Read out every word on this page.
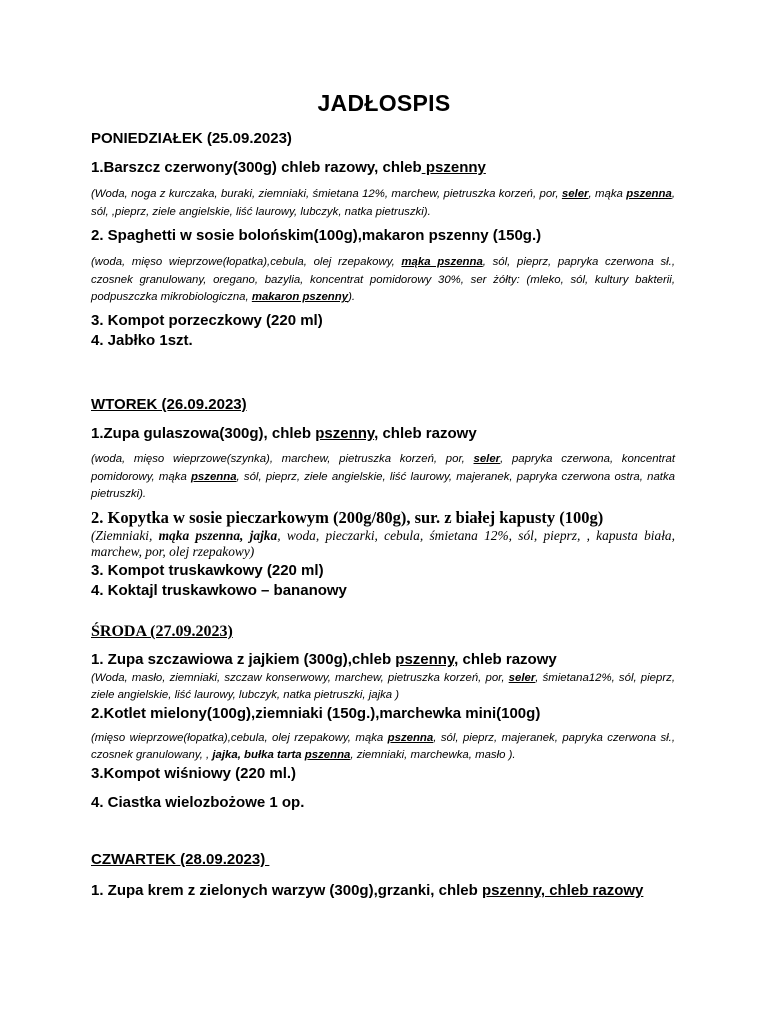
JADŁOSPIS
PONIEDZIAŁEK (25.09.2023)
1.Barszcz czerwony(300g) chleb razowy, chleb pszenny
(Woda, noga z kurczaka, buraki, ziemniaki, śmietana 12%, marchew, pietruszka korzeń, por, seler, mąka pszenna, sól, ,pieprz, ziele angielskie, liść laurowy, lubczyk, natka pietruszki).
2. Spaghetti w sosie bolońskim(100g),makaron pszenny (150g.)
(woda, mięso wieprzowe(łopatka),cebula, olej rzepakowy, mąka pszenna, sól, pieprz, papryka czerwona sł., czosnek granulowany, oregano, bazylia, koncentrat pomidorowy 30%, ser żółty: (mleko, sól, kultury bakterii, podpuszczka mikrobiologiczna, makaron pszenny).
3. Kompot porzeczkowy (220 ml)
4. Jabłko 1szt.
WTOREK (26.09.2023)
1.Zupa gulaszowa(300g), chleb pszenny, chleb razowy
(woda, mięso wieprzowe(szynka), marchew, pietruszka korzeń, por, seler, papryka czerwona, koncentrat pomidorowy, mąka pszenna, sól, pieprz, ziele angielskie, liść laurowy, majeranek, papryka czerwona ostra, natka pietruszki).
2. Kopytka w sosie pieczarkowym (200g/80g), sur. z białej kapusty (100g)
(Ziemniaki, mąka pszenna, jajka, woda, pieczarki, cebula, śmietana 12%, sól, pieprz, , kapusta biała, marchew, por, olej rzepakowy)
3. Kompot truskawkowy (220 ml)
4. Koktajl truskawkowo – bananowy
ŚRODA (27.09.2023)
1. Zupa szczawiowa z jajkiem (300g),chleb pszenny, chleb razowy
(Woda, masło, ziemniaki, szczaw konserwowy, marchew, pietruszka korzeń, por, seler, śmietana12%, sól, pieprz, ziele angielskie, liść laurowy, lubczyk, natka pietruszki, jajka )
2.Kotlet mielony(100g),ziemniaki (150g.),marchewka mini(100g)
(mięso wieprzowe(łopatka),cebula, olej rzepakowy, mąka pszenna, sól, pieprz, majeranek, papryka czerwona sł., czosnek granulowany, , jajka, bułka tarta pszenna, ziemniaki, marchewka, masło ).
3.Kompot wiśniowy (220 ml.)
4. Ciastka wielozbożowe 1 op.
CZWARTEK (28.09.2023)
1. Zupa krem z zielonych warzyw (300g),grzanki, chleb pszenny, chleb razowy
